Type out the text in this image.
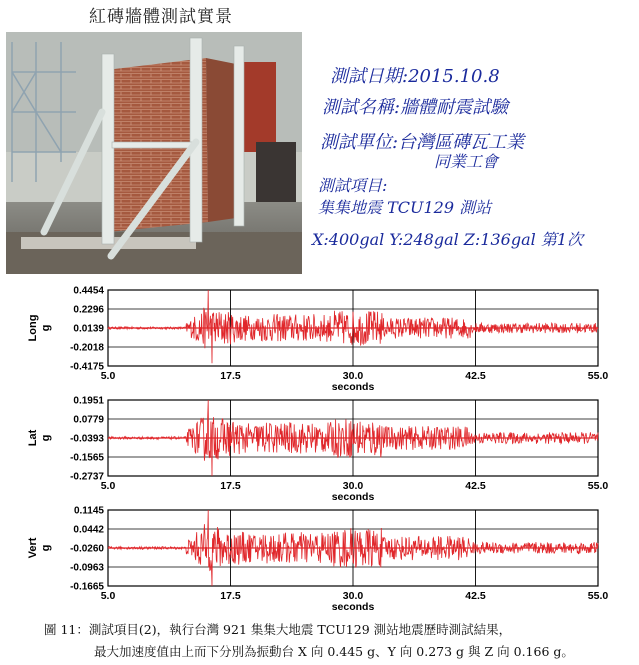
紅磚牆體測試實景
測試日期:2015.10.8
測試名稱:牆體耐震試驗
測試單位:台灣區磚瓦工業
同業工會
測試項目:
集集地震 TCU129 測站
X:400gal Y:248gal Z:136gal 第1次
5.0	17.5	30.0	42.5	55.0
0.4454
0.2296
0.0139
-0.2018
-0.4175
seconds
Long g
5.0	17.5	30.0	42.5	55.0
0.1951
0.0779
-0.0393
-0.1565
-0.2737
seconds
Lat g
5.0	17.5	30.0	42.5	55.0
0.1145
0.0442
-0.0260
-0.0963
-0.1665
seconds
Vert g
圖 11：測試項目(2)，執行台灣 921 集集大地震 TCU129 測站地震歷時測試結果，
最大加速度值由上而下分別為振動台 X 向 0.445 g、Y 向 0.273 g 與 Z 向 0.166 g。
